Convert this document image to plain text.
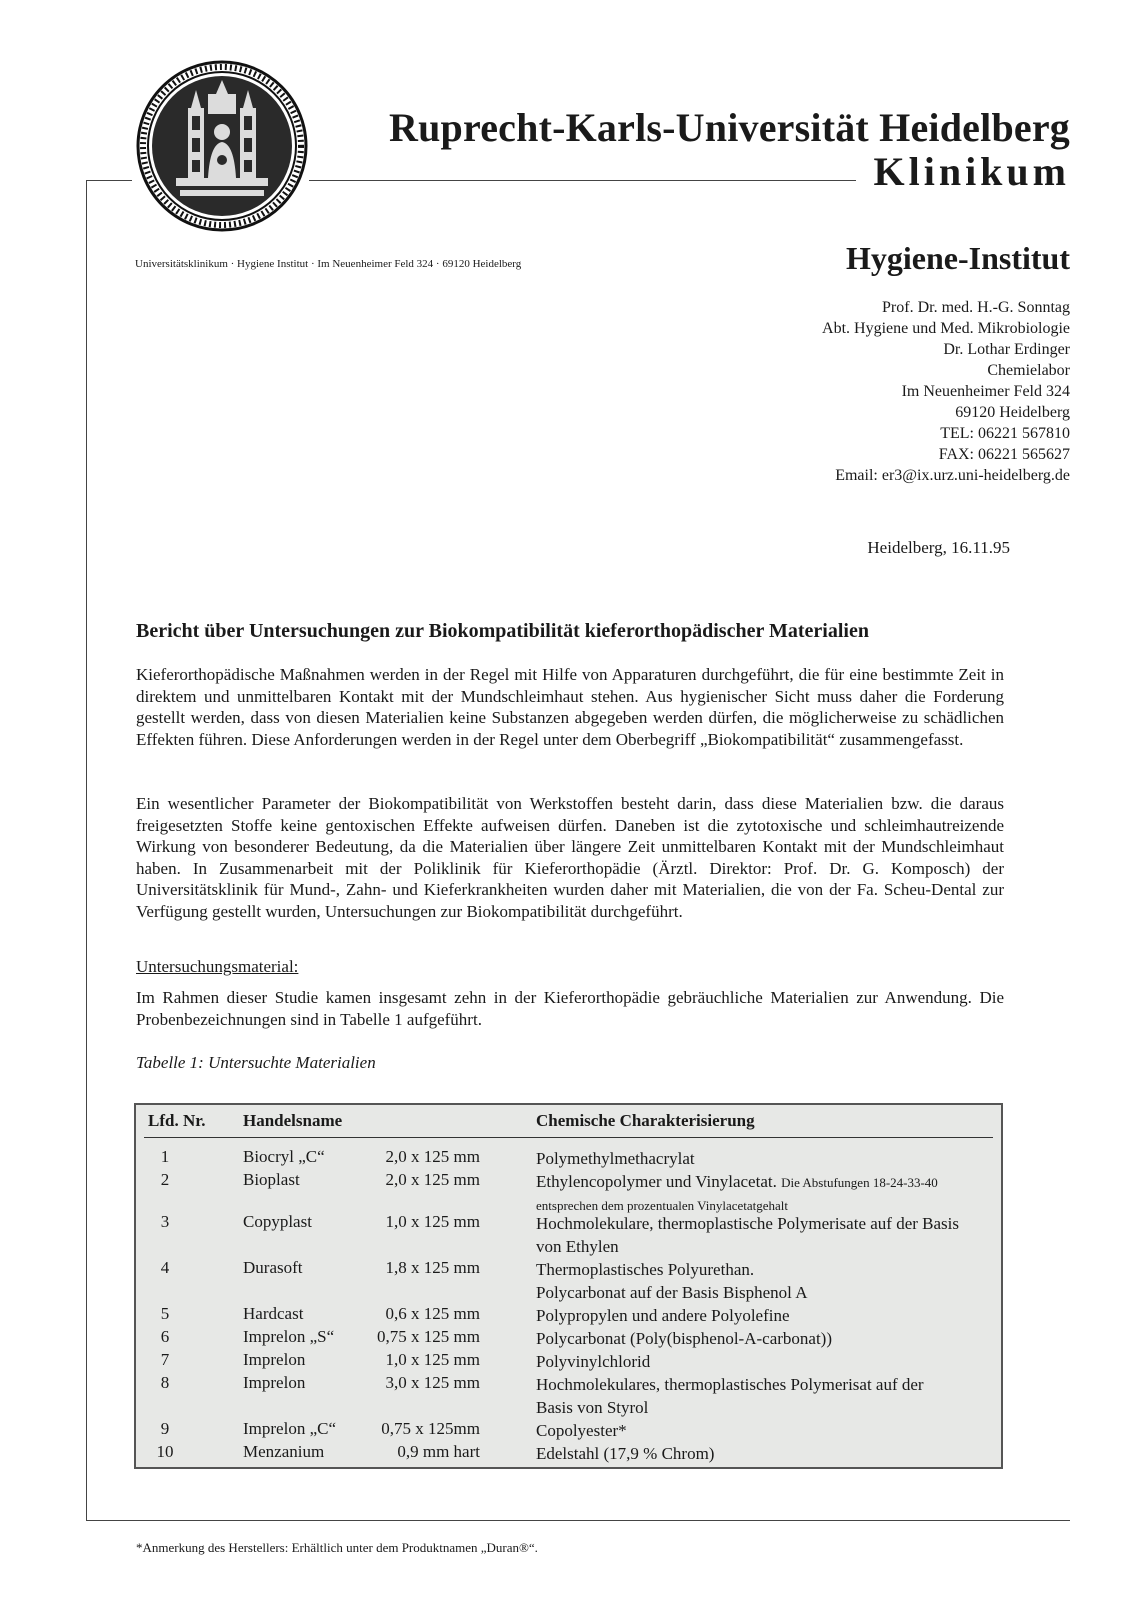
Ruprecht-Karls-Universität Heidelberg
Klinikum
Universitätsklinikum · Hygiene Institut · Im Neuenheimer Feld 324 · 69120 Heidelberg	Hygiene-Institut
Prof. Dr. med. H.-G. Sonntag
Abt. Hygiene und Med. Mikrobiologie
Dr. Lothar Erdinger
Chemielabor
Im Neuenheimer Feld 324
69120 Heidelberg
TEL: 06221 567810
FAX: 06221 565627
Email: er3@ix.urz.uni-heidelberg.de
Heidelberg, 16.11.95
Bericht über Untersuchungen zur Biokompatibilität kieferorthopädischer Materialien
Kieferorthopädische Maßnahmen werden in der Regel mit Hilfe von Apparaturen durchgeführt, die für eine bestimmte Zeit in direktem und unmittelbaren Kontakt mit der Mundschleimhaut stehen. Aus hygienischer Sicht muss daher die Forderung gestellt werden, dass von diesen Materialien keine Substanzen abgegeben werden dürfen, die möglicherweise zu schädlichen Effekten führen. Diese Anforderungen werden in der Regel unter dem Oberbegriff „Biokompatibilität“ zusammengefasst.
Ein wesentlicher Parameter der Biokompatibilität von Werkstoffen besteht darin, dass diese Materialien bzw. die daraus freigesetzten Stoffe keine gentoxischen Effekte aufweisen dürfen. Daneben ist die zytotoxische und schleimhautreizende Wirkung von besonderer Bedeutung, da die Materialien über längere Zeit unmittelbaren Kontakt mit der Mundschleimhaut haben. In Zusammenarbeit mit der Poliklinik für Kieferorthopädie (Ärztl. Direktor: Prof. Dr. G. Komposch) der Universitätsklinik für Mund-, Zahn- und Kieferkrankheiten wurden daher mit Materialien, die von der Fa. Scheu-Dental zur Verfügung gestellt wurden, Untersuchungen zur Biokompatibilität durchgeführt.
Untersuchungsmaterial:
Im Rahmen dieser Studie kamen insgesamt zehn in der Kieferorthopädie gebräuchliche Materialien zur Anwendung. Die Probenbezeichnungen sind in Tabelle 1 aufgeführt.
Tabelle 1: Untersuchte Materialien
Lfd. Nr. Handelsname	Chemische Charakterisierung
1	Biocryl „C“	2,0 x 125 mm	Polymethylmethacrylat
2	Bioplast	2,0 x 125 mm	Ethylencopolymer und Vinylacetat. Die Abstufungen 18-24-33-40 entsprechen dem prozentualen Vinylacetatgehalt
3	Copyplast	1,0 x 125 mm	Hochmolekulare, thermoplastische Polymerisate auf der Basis von Ethylen
4	Durasoft	1,8 x 125 mm	Thermoplastisches Polyurethan. Polycarbonat auf der Basis Bisphenol A
5	Hardcast	0,6 x 125 mm	Polypropylen und andere Polyolefine
6	Imprelon „S“	0,75 x 125 mm	Polycarbonat (Poly(bisphenol-A-carbonat))
7	Imprelon	1,0 x 125 mm	Polyvinylchlorid
8	Imprelon	3,0 x 125 mm	Hochmolekulares, thermoplastisches Polymerisat auf der Basis von Styrol
9	Imprelon „C“	0,75 x 125mm	Copolyester*
10	Menzanium	0,9 mm hart	Edelstahl (17,9 % Chrom)
*Anmerkung des Herstellers: Erhältlich unter dem Produktnamen „Duran®“.
